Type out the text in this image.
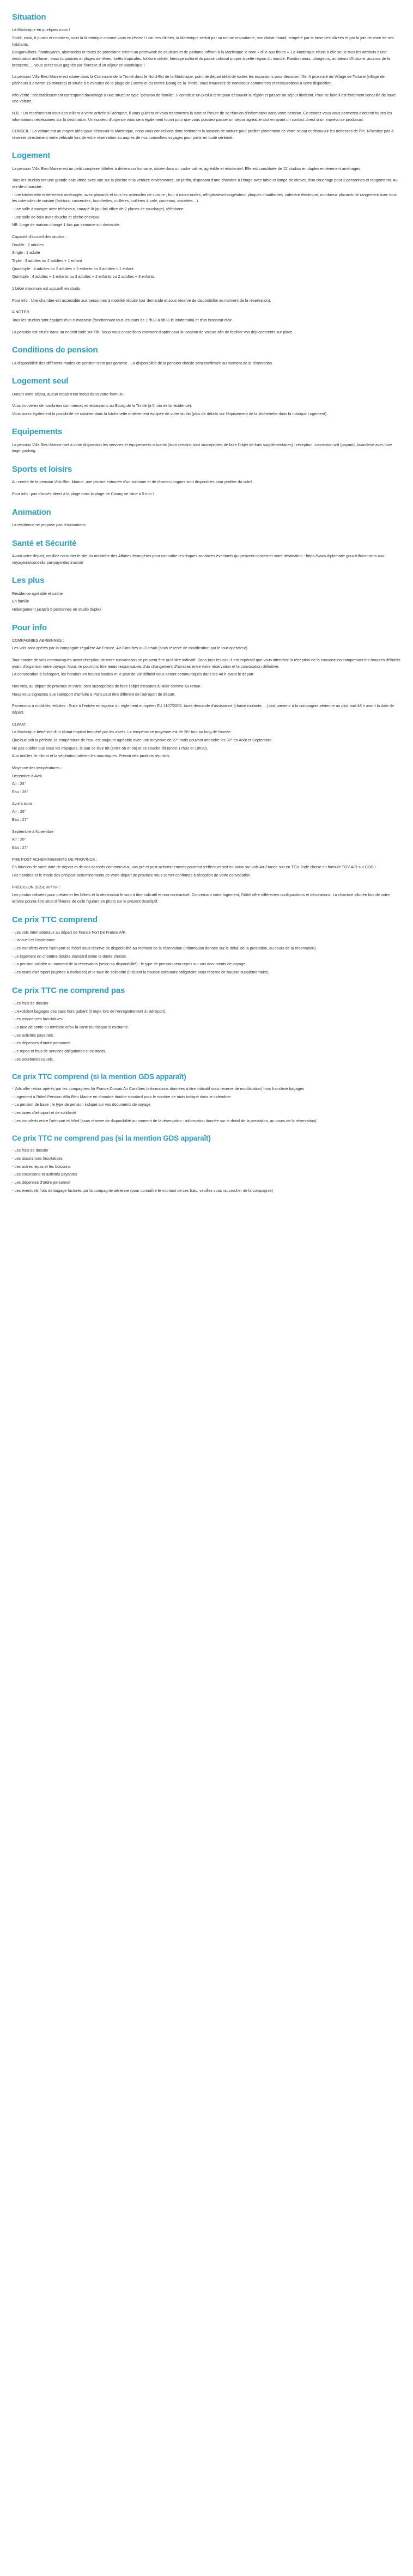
Situation

Là Martinique en quelques mots !

Soleil, zouk, ti punch et cocotiers, voici la Martinique comme vous en rêviez ! Loin des clichés, la Martinique séduit par sa nature envoutante, son climat chaud, tempéré par la brise des alizées et par la joie de vivre de ses habitants.

Bouganvilliers, flamboyants, alamandas et roses de porcelaine créent un patchwork de couleurs et de parfums, offrant à la Martinique le nom « d'île aux fleurs ». La Martinique réunit à elle seule tous les attributs d'une destination antillaise : eaux turquoises et plages de rêves, forêts tropicales, folklore créole, héritage culturel du passé colonial propre à cette région du monde. Randonneurs, plongeurs, amateurs d'histoire, accrocs de la bronzette,… vous serez tous gagnés par l'ivresse d'un séjour en Martinique !

La pension Villa Bleu Marine est située dans la Commune de la Trinité dans le Nord-Est de la Martinique, point de départ idéal de toutes les excursions pour découvrir l'île. A proximité du Village de Tartane (village de pêcheurs à environ 15 minutes) et située à 5 minutes de la plage de Cosmy et du centre Bourg de la Trinité, vous trouverez de nombreux commerces et restaurations à votre disposition.

Info vérité : cet établissement correspond davantage à une structure type "pension de famille". Il constitue un pied à terre pour découvrir la région et passer un séjour itinérant. Pour se faire il est fortement conseillé de louer une voiture.

N.B. : Un représentant vous accueillera à votre arrivée à l'aéroport, il vous guidera et vous transmettra la date et l'heure de se réunion d'information dans votre pension. Ce rendez-vous vous permettra d'obtenir toutes les informations nécessaires sur la destination. Un numéro d'urgence vous sera également fourni pour que vous puissiez passer un séjour agréable tout en ayant un contact direct si un imprévu se produisait.

CONSEIL : La voiture est un moyen idéal pour découvrir la Martinique, nous vous conseillons donc fortement la location de voiture pour profiter pleinement de votre séjour et découvrir les richesses de l'île. N'hésitez pas à réserver directement votre véhicule lors de votre réservation au auprès de nos conseillers voyages pour partir en toute sérénité.

Logement

La pension Villa Bleu Marine est un petit complexe hôtelier à dimension humaine, située dans un cadre calme, agréable et résidentiel. Elle est constituée de 12 studios en duplex entièrement aménagés.

Tous les studios ont une grande baie vitrée avec vue sur la piscine et la verdure environnante, un jardin, disposant d'une chambre à l'étage avec table et lampe de chevet, d'un couchage pour 3 personnes et rangements. Au rez-de-chaussée :

- une kitchenette entièrement aménagée, avec placards et tous les ustensiles de cuisine ; four à micro-ondes, réfrigérateur/congélateur, plaques chauffantes, cafetière électrique, nombreux placards de rangement avec tous les ustensiles de cuisine (fait-tout, casseroles, fourchettes, cuillères, cuillères à café, couteaux, assiettes…)

- une salle à manger avec téléviseur, canapé-lit (qui fait office de 2 places de couchage), téléphone.

- une salle de bain avec douche et sèche-cheveux.

NB: Linge de maison changé 1 fois par semaine sur demande.

Capacité d'accueil des studios :

Double : 2 adultes

Single : 1 adulte

Triple : 3 adultes ou 2 adultes + 1 enfant

Quadruple : 4 adultes ou 2 adultes + 2 enfants ou 3 adultes + 1 enfant

Quintuple : 4 adultes + 1 enfants ou 3 adultes + 2 enfants ou 2 adultes + 3 enfants

1 bébé maximum est accueilli en studio.

Pour info : Une chambre est accessible aux personnes à mobilité réduite (sur demande et sous réserve de disponibilité au moment de la réservation).

A NOTER

Tous les studios sont équipés d'un climatiseur (fonctionnant tous les jours de 17h30 à 9h30 le lendemain) et d'un brasseur d'air.

La pension est située dans un endroit isolé sur l'île. Nous vous conseillons vivement d'opter pour la location de voiture afin de faciliter vos déplacements sur place.

Conditions de pension

La disponibilité des différents modes de pension n'est pas garantie . La disponibilité de la pension choisie sera confirmée au moment de la réservation

Logement seul

Durant votre séjour, aucun repas n'est inclus dans votre formule.

Vous trouverez de nombreux commerces et restaurants au Bourg de la Trinité (à 5 min de la résidence).

Vous aurez également la possibilité de cuisiner dans la kitchenette entièrement équipée de votre studio (plus de détails sur l'équipement de la kitchenette dans la rubrique Logement).

Equipements

La pension Villa Bleu Marine met à votre disposition les services et équipements suivants (dont certains sont susceptibles de faire l'objet de frais supplémentaires) : réception, connexion wifi (payant), buanderie avec lave linge, parking.

Sports et loisirs

Au centre de la pension Villa Bleu Marine, une piscine entourée d'un solarium et de chaises longues sont disponibles pour profiter du soleil.

Pour info : pas d'accès direct à la plage mais la plage de Cosmy se situe à 5 min !

Animation

La résidence ne propose pas d'animations.

Santé et Sécurité

Avant votre départ, veuillez consulter le site du ministère des Affaires étrangères pour connaître les risques sanitaires éventuels qui peuvent concerner votre destination : https://www.diplomatie.gouv.fr/fr/conseils-aux-voyageurs/conseils-par-pays-destination/

Les plus

Résidence agréable et calme

En famille

Hébergement jusqu'à 5 personnes en studio duplex

Pour info

COMPAGNIES AERIENNES :

Les vols sont opérés par la compagnie régulière Air France, Air Caraïbes ou Corsair (sous réserve de modification par le tour opérateur).

Tout horaire de vols communiqués avant réception de votre convocation ne peuvent être qu'à titre indicatif. Dans tous les cas, il est impératif que vous attendiez la réception de la convocation comprenant les horaires définitifs avant d'organiser votre voyage. Nous ne pourrons être tenus responsables d'un changement d'horaires entre votre réservation et la convocation définitive.

La convocation à l'aéroport, les horaires en heures locales et le plan de vol définitif vous seront communiqués dans les 48 h avant le départ.

Nos vols, au départ de province et Paris, sont susceptibles de faire l'objet d'escales à l'aller comme au retour.

Nous vous signalons que l'aéroport d'arrivée à Paris peut être différent de l'aéroport de départ.

Parvenons à mobilités réduites : Suite à l'entrée en vigueur du règlement européen EU 1107/2006, toute demande d'assistance (chaise roulante, ...) doit parvenir à la compagnie aérienne au plus tard 48 h avant la date de départ.

CLIMAT:

La Martinique bénéficie d'un climat tropical tempéré par les alizés. La température moyenne est de 26° tout au long de l'année.

Quelque soit la période, la température de l'eau est toujours agréable avec une moyenne de 27° mais pouvant atteindre les 30° en Août et Septembre.

Ne pas oublier que sous les tropiques, le jour se lève tôt (entre 5h et 6h) et se couche tôt (entre 17h30 et 18h30).

Aux Antilles, le climat et la végétation attirent les moustiques. Prévoir des produits répulsifs.

Moyenne des températures :

Décembre à Avril

Air : 24°

Eau : 26°

Avril à Août

Air : 26°

Eau : 27°

Septembre à Novembre

Air : 26°

Eau : 27°

PRE POST ACHEMINEMENTS DE PROVINCE :

En fonction de votre date de départ et de nos accords commerciaux, vos pré et post-acheminements pourront s'effectuer soit en avion sur vols Air France soit en TGV 2nde classe en formule TGV AIR sur CDG !

Les horaires et le mode des pré/post acheminements de votre départ de province vous seront confirmés à réception de votre convocation.

PRÉCISION DESCRIPTIF :

Les photos utilisées pour présenter les hôtels et la destination le sont à titre indicatif et non-contractuel. Concernant votre logement, l'hôtel offre différentes configurations et décorations. La chambre allouée lors de votre arrivée pourra être ainsi différente de celle figurant en photo sur le présent descriptif.

Ce prix TTC comprend

- Les vols internationaux au départ de France Fort De France A/R.

- L'accueil et l'assistance.

- Les transferts entre l'aéroport et l'hôtel sous réserve de disponibilité au moment de la réservation (information donnée sur le détail de la prestation, au cours de la réservation).

- Le logement en chambre double standard selon la durée choisie.

- La pension validée au moment de la réservation (selon sa disponibilité) : le type de pension sera repris sur vos documents de voyage.

- Les taxes d'aéroport (sujettes à évolution) et le taxe de solidarité (incluant la hausse carburant obligatoire sous réserve de hausse supplémentaire).

Ce prix TTC ne comprend pas

- Les frais de dossier

- L'excédent bagages des sacs hors gabarit (il règle lors de l'enregistrement à l'aéroport).

- Les assurances facultatives.

- La taxe de sortie du territoire et/ou la carte touristique si existante.

- Les activités payantes.

- Les dépenses d'ordre personnel.

- Le repas et frais de services obligatoires si existants.

- Les pourboires usuels.

Ce prix TTC comprend (si la mention GDS apparaît)

- Vols aller retour opérés par les compagnies Air France,Corsair,Air Caraïbes (informations données à titre indicatif sous réserve de modification) hors franchise bagages

- Logement à l'hôtel Pension Villa Bleu Marine en chambre double standard pour le nombre de nuits indiqué dans le calendrier

- La pension de base : le type de pension indiqué sur vos documents de voyage

- Les taxes d'aéroport et de solidarité

- Les transferts entre l'aéroport et hôtel (sous réserve de disponibilité au moment de la réservation - information donnée sur le détail de la prestation, au cours de la réservation)

Ce prix TTC ne comprend pas (si la mention GDS apparaît)

- Les frais de dossier

- Les assurances facultatives

- Les autres repas et les boissons

- Les excursions et activités payantes

- Les dépenses d'ordre personnel

- Les éventuels frais de bagage facturés par la compagnie aérienne (pour connaître le montant de ces frais, veuillez vous rapprocher de la compagnie)
